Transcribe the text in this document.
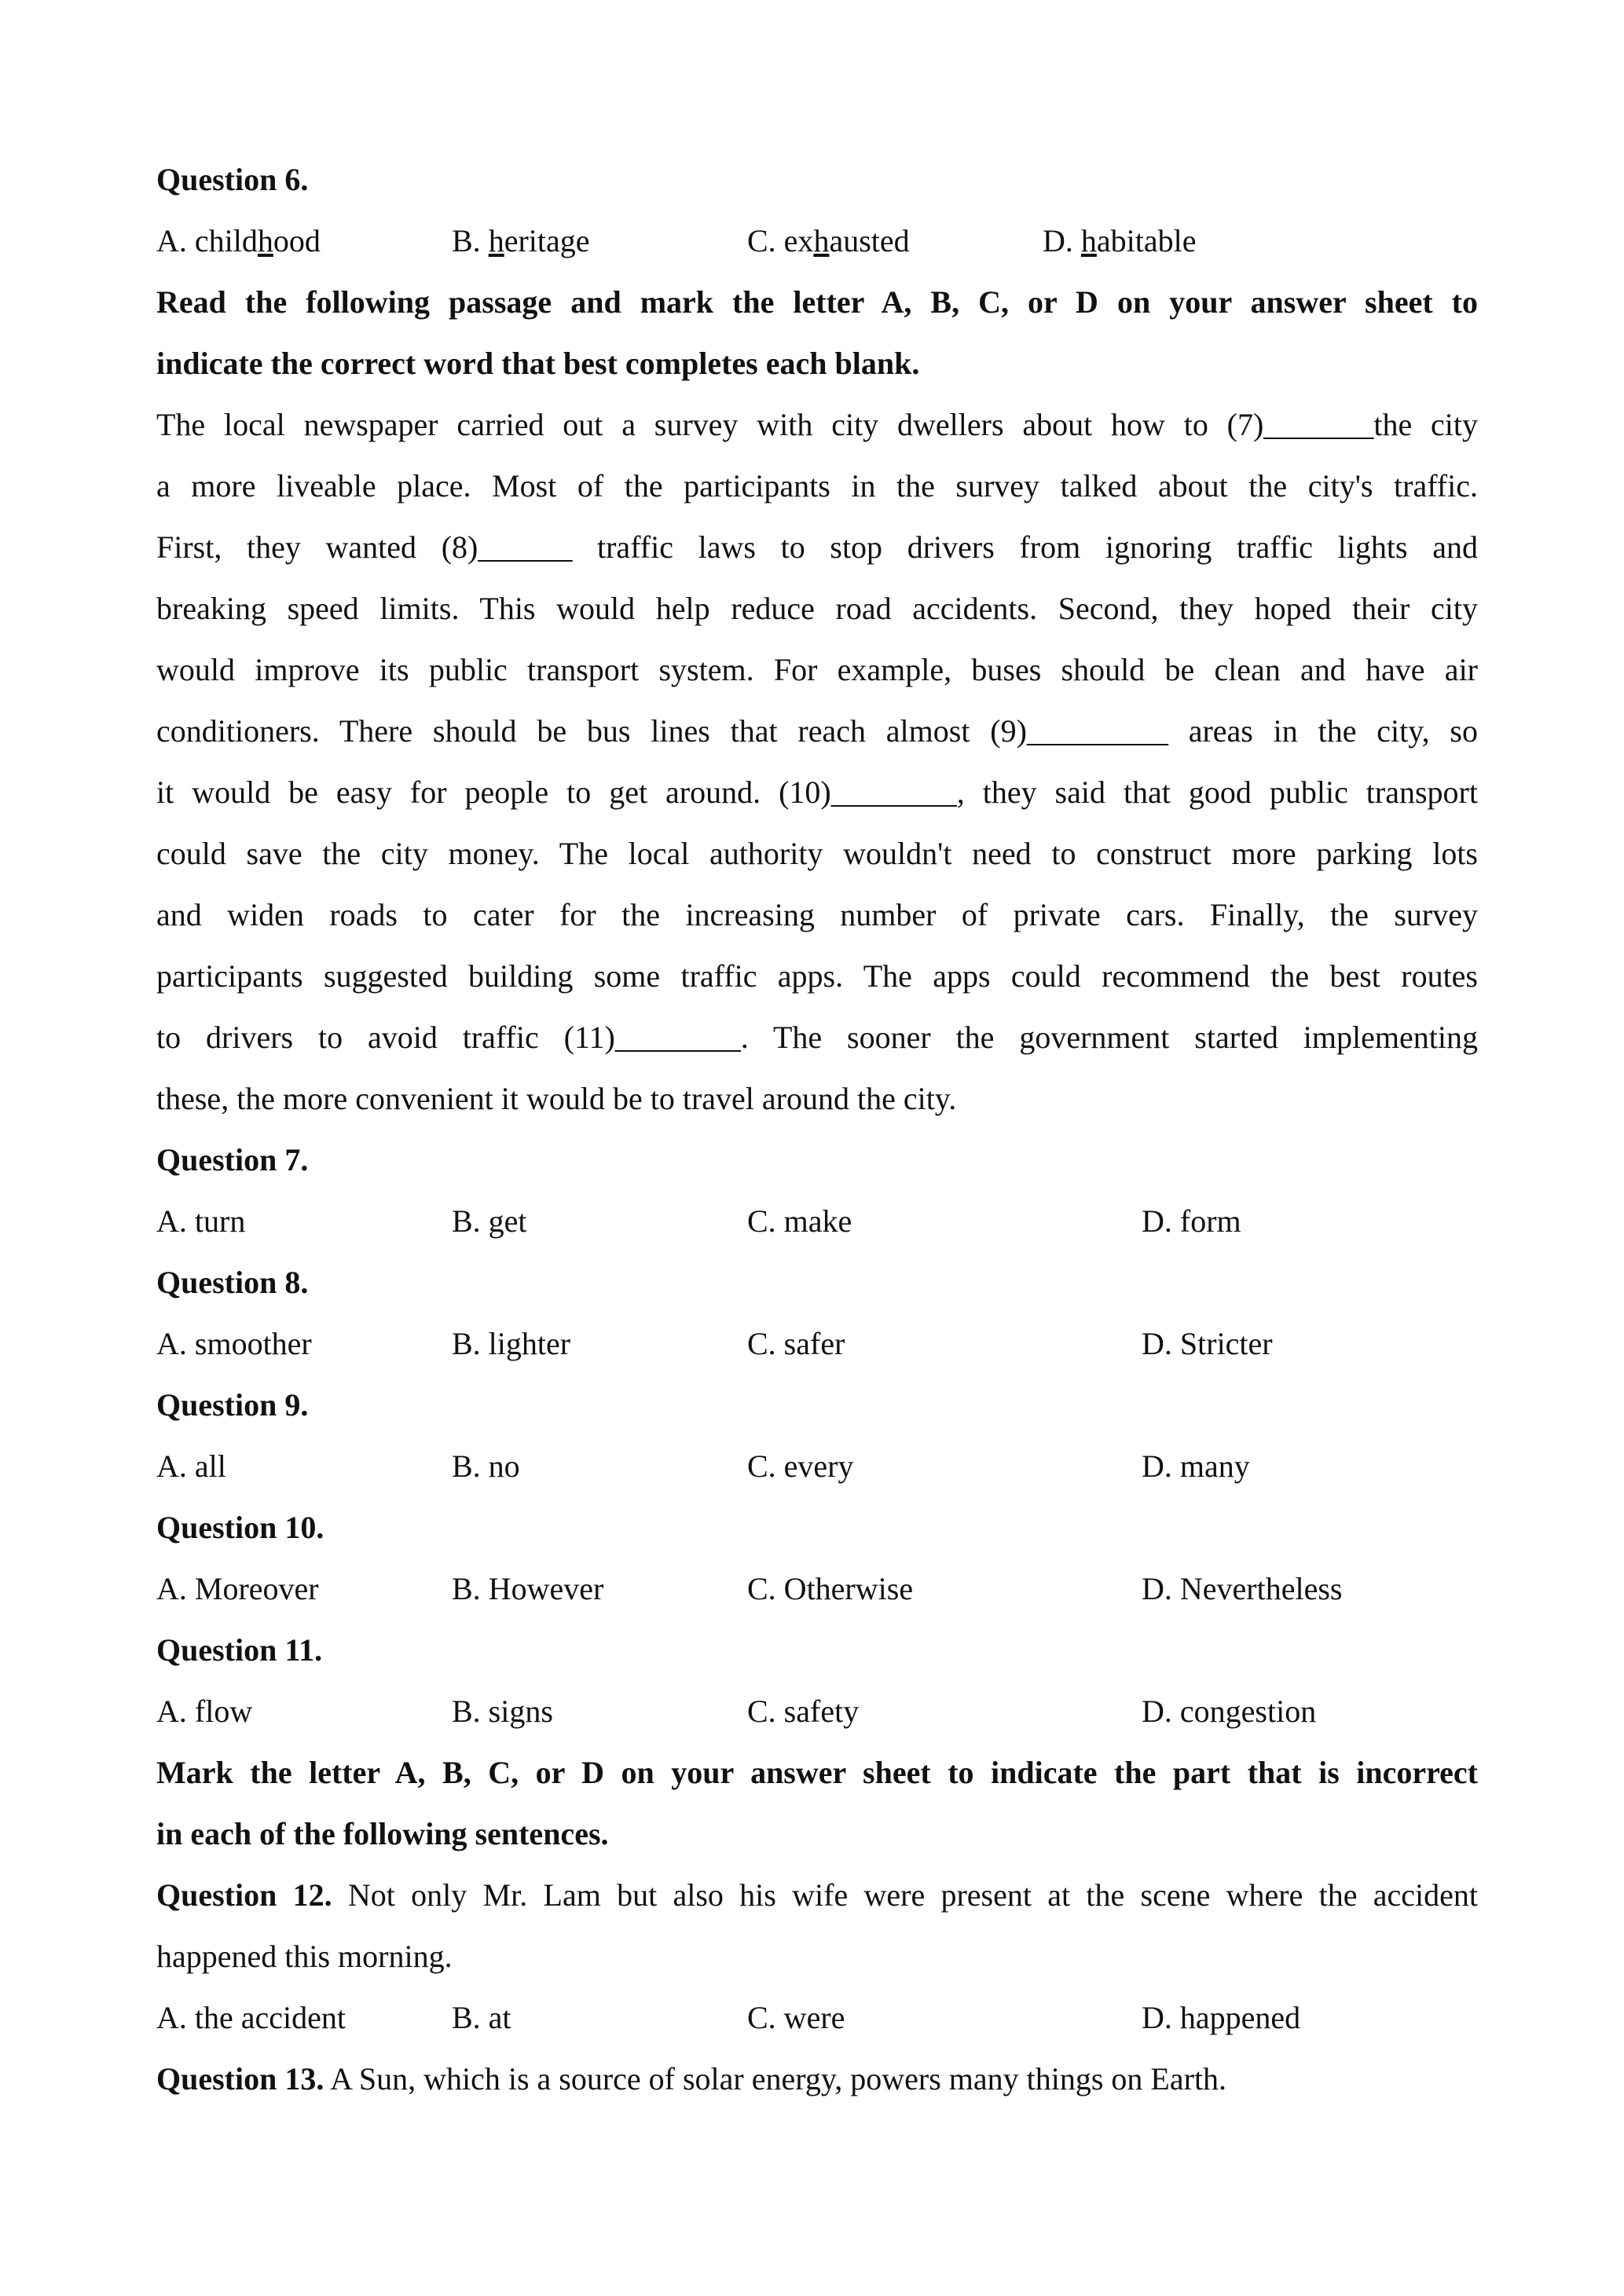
Question 6.
A. childhood	B. heritage	C. exhausted	D. habitable
Read the following passage and mark the letter A, B, C, or D on your answer sheet to
indicate the correct word that best completes each blank.
The local newspaper carried out a survey with city dwellers about how to (7)_______the city
a more liveable place. Most of the participants in the survey talked about the city's traffic.
First, they wanted (8)______ traffic laws to stop drivers from ignoring traffic lights and
breaking speed limits. This would help reduce road accidents. Second, they hoped their city
would improve its public transport system. For example, buses should be clean and have air
conditioners. There should be bus lines that reach almost (9)_________ areas in the city, so
it would be easy for people to get around. (10)________, they said that good public transport
could save the city money. The local authority wouldn't need to construct more parking lots
and widen roads to cater for the increasing number of private cars. Finally, the survey
participants suggested building some traffic apps. The apps could recommend the best routes
to drivers to avoid traffic (11)________. The sooner the government started implementing
these, the more convenient it would be to travel around the city.
Question 7.
A. turn	B. get	C. make	D. form
Question 8.
A. smoother	B. lighter	C. safer	D. Stricter
Question 9.
A. all	B. no	C. every	D. many
Question 10.
A. Moreover	B. However	C. Otherwise	D. Nevertheless
Question 11.
A. flow	B. signs	C. safety	D. congestion
Mark the letter A, B, C, or D on your answer sheet to indicate the part that is incorrect
in each of the following sentences.
Question 12. Not only Mr. Lam but also his wife were present at the scene where the accident
happened this morning.
A. the accident	B. at	C. were	D. happened
Question 13. A Sun, which is a source of solar energy, powers many things on Earth.
